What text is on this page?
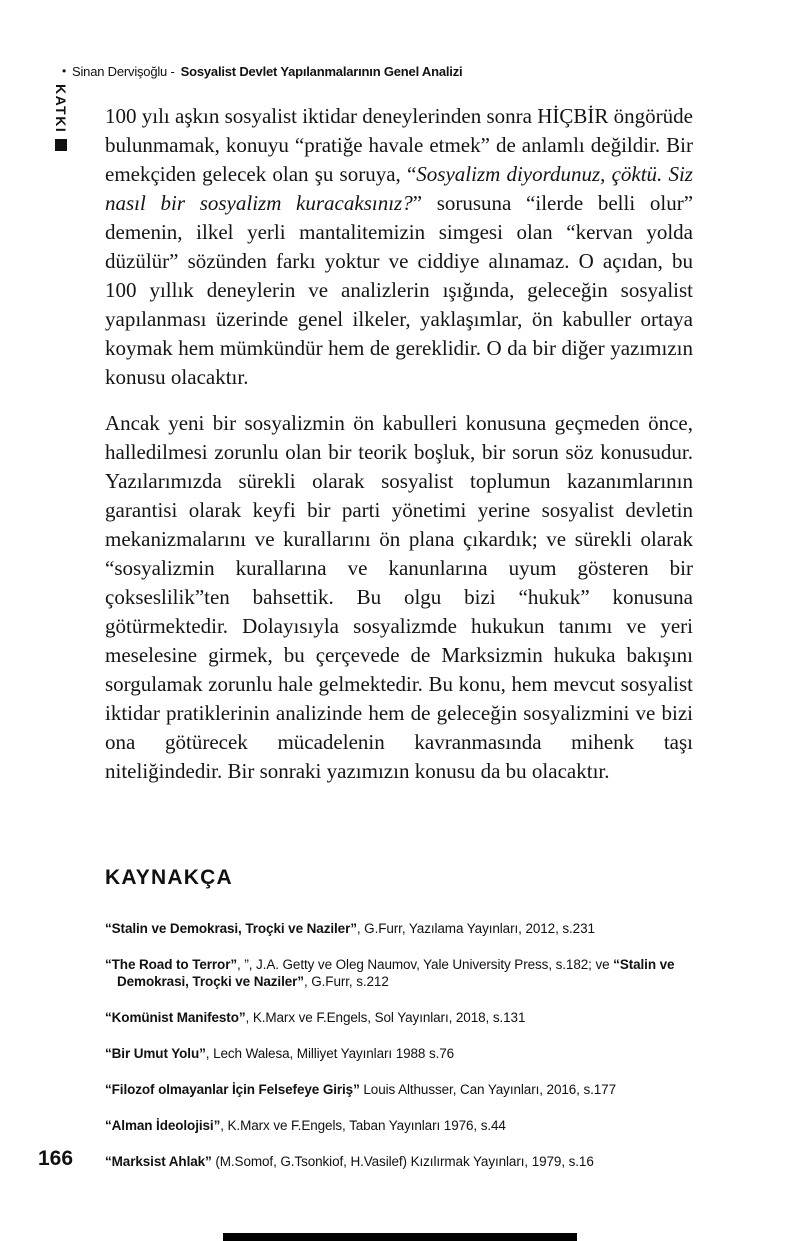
• Sinan Dervişoğlu - Sosyalist Devlet Yapılanmalarının Genel Analizi
KATKI 100 yılı aşkın sosyalist iktidar deneylerinden sonra HİÇBİR öngörüde bulunmamak, konuyu “pratiğe havale etmek” de anlamlı değildir. Bir emekçiden gelecek olan şu soruya, “Sosyalizm diyordunuz, çöktü. Siz nasıl bir sosyalizm kuracaksınız?” sorusuna “ilerde belli olur” demenin, ilkel yerli mantalitemizin simgesi olan “kervan yolda düzülür” sözünden farkı yoktur ve ciddiye alınamaz. O açıdan, bu 100 yıllık deneylerin ve analizlerin ışığında, geleceğin sosyalist yapılanması üzerinde genel ilkeler, yaklaşımlar, ön kabuller ortaya koymak hem mümkündür hem de gereklidir. O da bir diğer yazımızın konusu olacaktır.

Ancak yeni bir sosyalizmin ön kabulleri konusuna geçmeden önce, halledilmesi zorunlu olan bir teorik boşluk, bir sorun söz konusudur. Yazılarımızda sürekli olarak sosyalist toplumun kazanımlarının garantisi olarak keyfi bir parti yönetimi yerine sosyalist devletin mekanizmalarını ve kurallarını ön plana çıkardık; ve sürekli olarak “sosyalizmin kurallarına ve kanunlarına uyum gösteren bir çokseslilik”ten bahsettik. Bu olgu bizi “hukuk” konusuna götürmektedir. Dolayısıyla sosyalizmde hukukun tanımı ve yeri meselesine girmek, bu çerçevede de Marksizmin hukuka bakışını sorgulamak zorunlu hale gelmektedir. Bu konu, hem mevcut sosyalist iktidar pratiklerinin analizinde hem de geleceğin sosyalizmini ve bizi ona götürecek mücadelenin kavranmasında mihenk taşı niteliğindedir. Bir sonraki yazımızın konusu da bu olacaktır.

KAYNAKÇA
“Stalin ve Demokrasi, Troçki ve Naziler”, G.Furr, Yazılama Yayınları, 2012, s.231
“The Road to Terror”, ”, J.A. Getty ve Oleg Naumov, Yale University Press, s.182; ve “Stalin ve Demokrasi, Troçki ve Naziler”, G.Furr, s.212
“Komünist Manifesto”, K.Marx ve F.Engels, Sol Yayınları, 2018, s.131
“Bir Umut Yolu”, Lech Walesa, Milliyet Yayınları 1988 s.76
“Filozof olmayanlar İçin Felsefeye Giriş” Louis Althusser, Can Yayınları, 2016, s.177
“Alman İdeolojisi”, K.Marx ve F.Engels, Taban Yayınları 1976, s.44
“Marksist Ahlak” (M.Somof, G.Tsonkiof, H.Vasilef) Kızılırmak Yayınları, 1979, s.16
166
